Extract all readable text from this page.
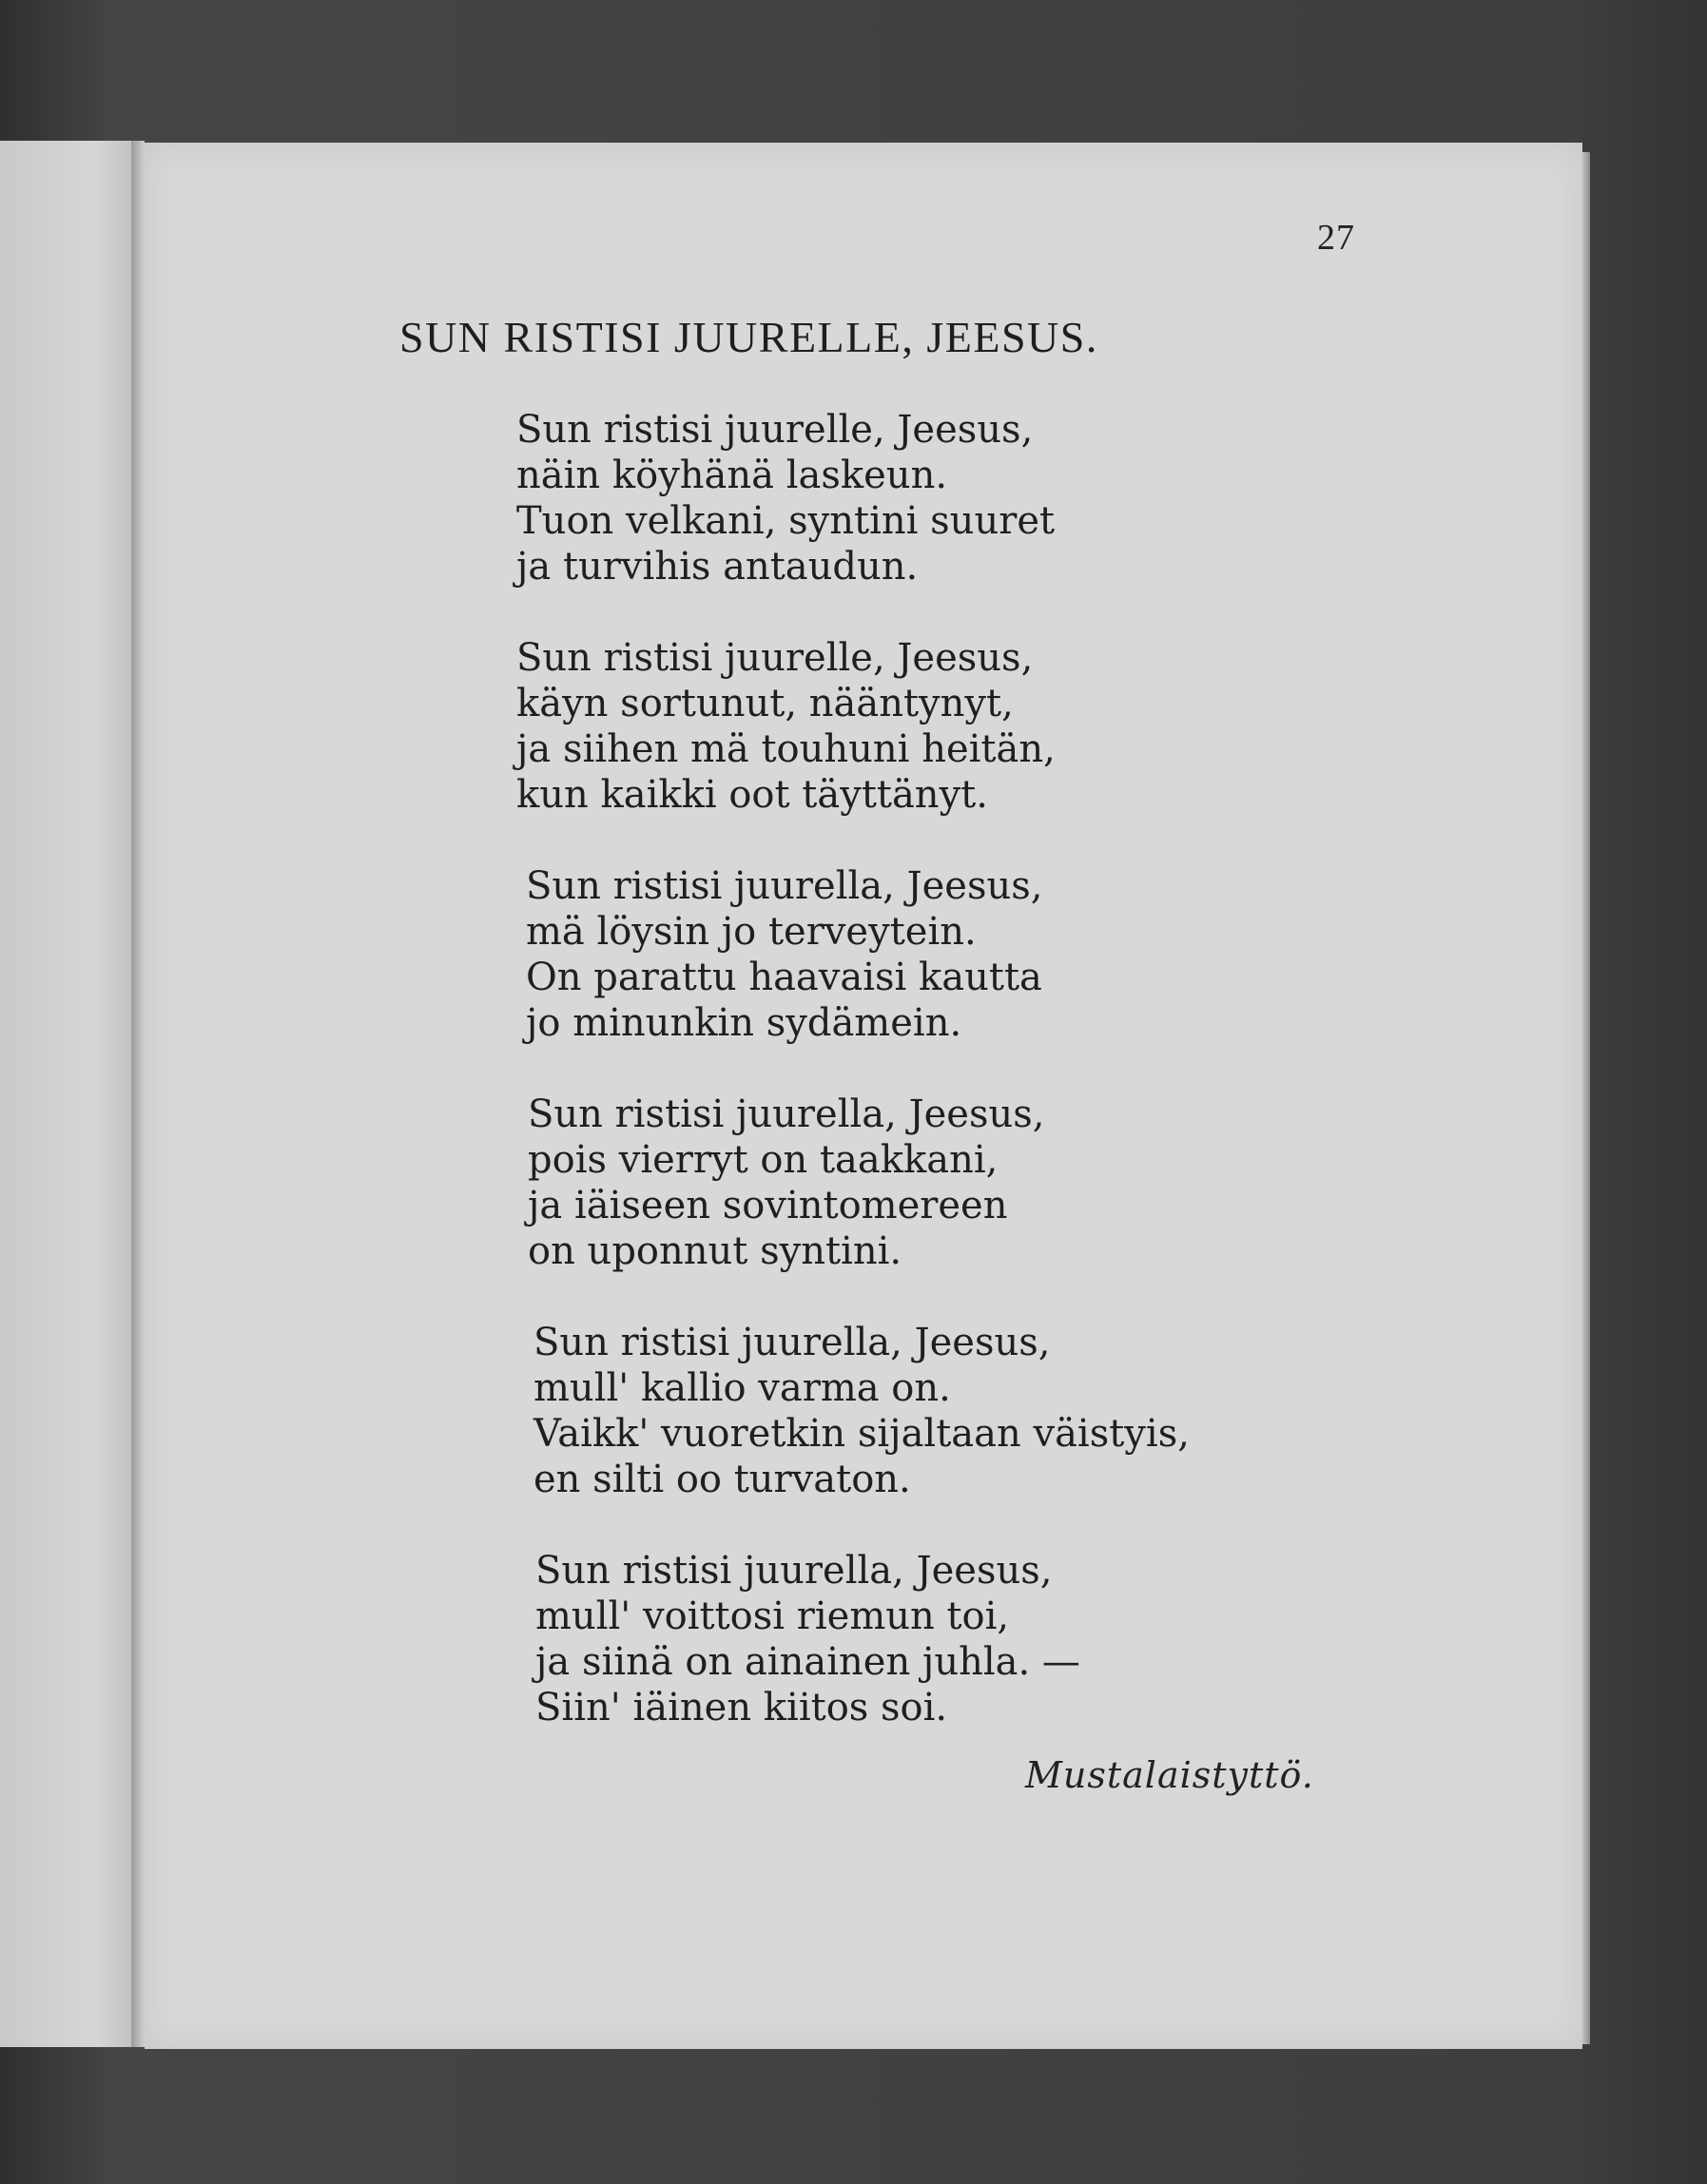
27
SUN RISTISI JUURELLE, JEESUS.
Sun ristisi juurelle, Jeesus,
näin köyhänä laskeun.
Tuon velkani, syntini suuret
ja turvihis antaudun.
Sun ristisi juurelle, Jeesus,
käyn sortunut, nääntynyt,
ja siihen mä touhuni heitän,
kun kaikki oot täyttänyt.
Sun ristisi juurella, Jeesus,
mä löysin jo terveytein.
On parattu haavaisi kautta
jo minunkin sydämein.
Sun ristisi juurella, Jeesus,
pois vierryt on taakkani,
ja iäiseen sovintomereen
on uponnut syntini.
Sun ristisi juurella, Jeesus,
mull' kallio varma on.
Vaikk' vuoretkin sijaltaan väistyis,
en silti oo turvaton.
Sun ristisi juurella, Jeesus,
mull' voittosi riemun toi,
ja siinä on ainainen juhla. —
Siin' iäinen kiitos soi.
Mustalaistyttö.
